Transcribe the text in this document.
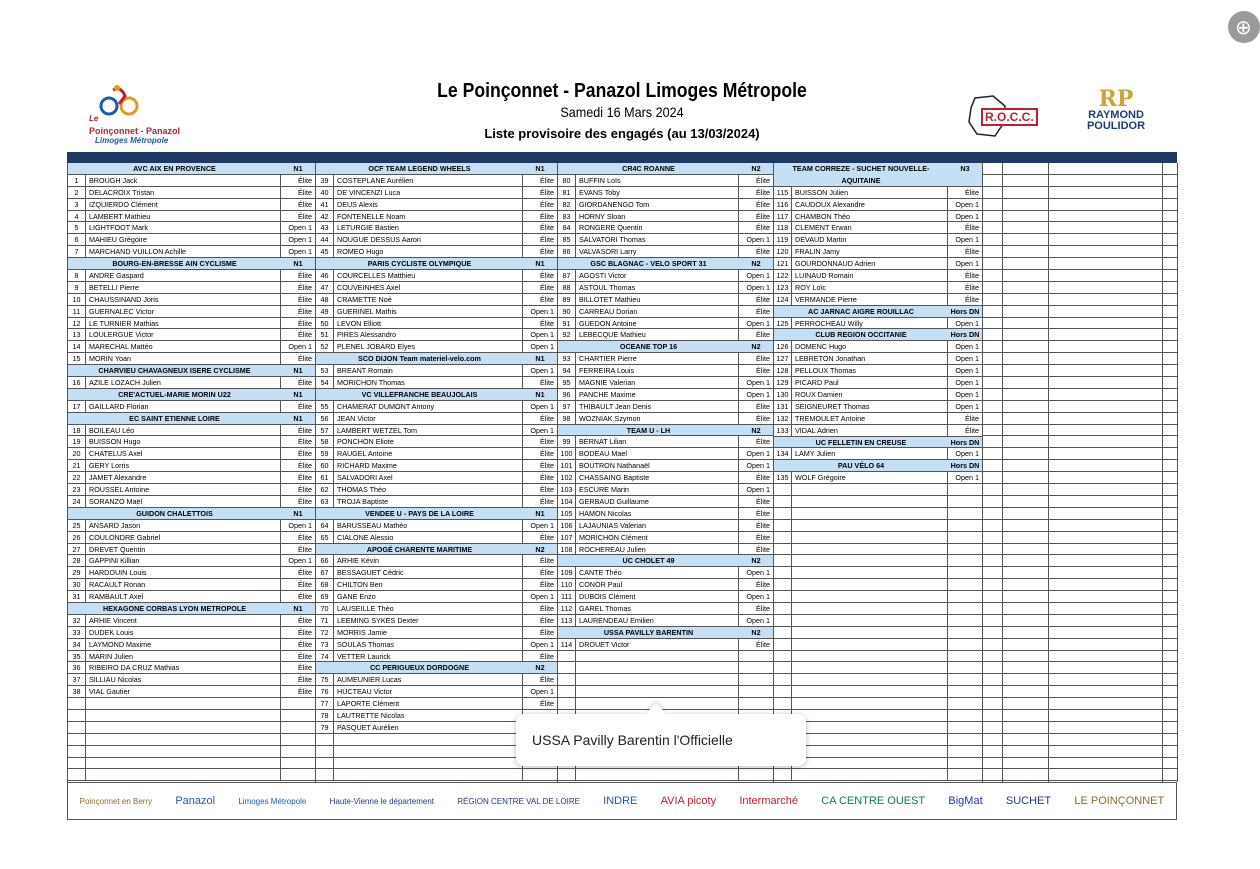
⊕
Le
Poinçonnet - Panazol
Limoges Métropole
Le Poinçonnet - Panazol Limoges Métropole
Samedi 16 Mars 2024
Liste provisoire des engagés (au 13/03/2024)
R.O.C.C.
RP
RAYMOND
POULIDOR
AVC AIX EN PROVENCE	N1
1	BROUGH Jack	Élite
2	DELACROIX Tristan	Élite
3	IZQUIERDO Clément	Élite
4	LAMBERT Mathieu	Élite
5	LIGHTFOOT Mark	Open 1
6	MAHIEU Grégoire	Open 1
7	MARCHAND VUILLON Achille	Open 1
BOURG-EN-BRESSE AIN CYCLISME	N1
8	ANDRE Gaspard	Élite
9	BETELLI Pierre	Élite
10	CHAUSSINAND Joris	Élite
11	GUERNALEC Victor	Élite
12	LE TURNIER Mathias	Élite
13	LOULERGUE Victor	Élite
14	MARECHAL Mattéo	Open 1
15	MORIN Yoan	Élite
CHARVIEU CHAVAGNEUX ISERE CYCLISME	N1
16	AZILE LOZACH Julien	Élite
CRE'ACTUEL-MARIE MORIN U22	N1
17	GAILLARD Florian	Élite
EC SAINT ETIENNE LOIRE	N1
18	BOILEAU Léo	Élite
19	BUISSON Hugo	Élite
20	CHATELUS Axel	Élite
21	GERY Lorris	Élite
22	JAMET Alexandre	Élite
23	ROUSSEL Antoine	Élite
24	SORANZO Maël	Élite
GUIDON CHALETTOIS	N1
25	ANSARD Jason	Open 1
26	COULONDRE Gabriel	Élite
27	DREVET Quentin	Élite
28	GAPPINI Killian	Open 1
29	HARDOUIN Louis	Élite
30	RACAULT Ronan	Élite
31	RAMBAULT Axel	Élite
HEXAGONE CORBAS LYON METROPOLE	N1
32	ARHIE Vincent	Élite
33	DUDEK Louis	Élite
34	LAYMOND Maxime	Élite
35	MARIN Julien	Élite
36	RIBEIRO DA CRUZ Mathias	Élite
37	SILLIAU Nicolas	Élite
38	VIAL Gautier	Élite
OCF TEAM LEGEND WHEELS	N1
39	COSTEPLANE Aurélien	Élite
40	DE VINCENZI Luca	Élite
41	DEUS Alexis	Élite
42	FONTENELLE Noam	Élite
43	LETURGIE Bastien	Élite
44	NOUGUE DESSUS Aaron	Élite
45	ROMEO Hugo	Élite
PARIS CYCLISTE OLYMPIQUE	N1
46	COURCELLES Matthieu	Élite
47	COUVEINHES Axel	Élite
48	CRAMETTE Noé	Élite
49	GUERINEL Mathis	Open 1
50	LEVON Elliott	Élite
51	PIRES Alessandro	Open 1
52	PLENEL JOBARD Elyes	Open 1
SCO DIJON Team materiel-velo.com	N1
53	BREANT Romain	Open 1
54	MORICHON Thomas	Élite
VC VILLEFRANCHE BEAUJOLAIS	N1
55	CHAMERAT DUMONT Antony	Open 1
56	JEAN Victor	Élite
57	LAMBERT WETZEL Tom	Open 1
58	PONCHON Eliote	Élite
59	RAUGEL Antoine	Élite
60	RICHARD Maxime	Élite
61	SALVADORI Axel	Élite
62	THOMAS Théo	Élite
63	TROJA Baptiste	Élite
VENDEE U - PAYS DE LA LOIRE	N1
64	BARUSSEAU Mathéo	Open 1
65	CIALONE Alessio	Élite
APOGÉ CHARENTE MARITIME	N2
66	ARHIE Kévin	Élite
67	BESSAGUET Cédric	Élite
68	CHILTON Ben	Élite
69	GANE Enzo	Open 1
70	LAUSEILLE Théo	Élite
71	LEEMING SYKES Dexter	Élite
72	MORRIS Jamie	Élite
73	SOULAS Thomas	Open 1
74	VETTER Laurick	Élite
CC PERIGUEUX DORDOGNE	N2
75	AUMEUNIER Lucas	Élite
76	HUCTEAU Victor	Open 1
77	LAPORTE Clément	Élite
78	LAUTRETTE Nicolas
79	PASQUET Aurélien
CR4C ROANNE	N2
80	BUFFIN Loïs	Élite
81	EVANS Toby	Élite
82	GIORDANENGO Tom	Élite
83	HORNY Sloan	Élite
84	RONGERE Quentin	Élite
85	SALVATORI Thomas	Open 1
86	VALVASORI Larry	Élite
GSC BLAGNAC - VELO SPORT 31	N2
87	AGOSTI Victor	Open 1
88	ASTOUL Thomas	Open 1
89	BILLOTET Mathieu	Élite
90	CARREAU Dorian	Élite
91	GUEDON Antoine	Open 1
92	LEBECQUE Mathieu	Élite
OCEANE TOP 16	N2
93	CHARTIER Pierre	Élite
94	FERREIRA Louis	Élite
95	MAGNIE Valerian	Open 1
96	PANCHE Maxime	Open 1
97	THIBAULT Jean Denis	Élite
98	WOZNIAK Szymon	Élite
TEAM U - LH	N2
99	BERNAT Lilian	Élite
100 BODEAU Mael	Open 1
101 BOUTRON Nathanaël	Open 1
102 CHASSAING Baptiste	Élite
103 ESCURE Marin	Open 1
104 GERBAUD Guillaume	Élite
105 HAMON Nicolas	Élite
106 LAJAUNIAS Valerian	Élite
107 MORICHON Clément	Élite
108 ROCHEREAU Julien	Élite
UC CHOLET 49	N2
109 CANTE Théo	Open 1
110 CONOR Paul	Élite
111 DUBOIS Clément	Open 1
112 GAREL Thomas	Élite
113 LAURENDEAU Emilien	Open 1
USSA PAVILLY BARENTIN	N2
114 DROUET Victor	Élite
TEAM CORREZE - SUCHET NOUVELLE-AQUITAINE
N3
115 BUISSON Julien	Élite
116 CAUDOUX Alexandre	Open 1
117 CHAMBON Théo	Open 1
118 CLEMENT Erwan	Élite
119 DEVAUD Martin	Open 1
120 FRALIN Jamy	Élite
121 GOURDONNAUD Adrien	Open 1
122 LUINAUD Romain	Élite
123 ROY Loïc	Élite
124 VERMANDE Pierre	Élite
AC JARNAC AIGRE ROUILLAC	Hors DN
125 PERROCHEAU Willy	Open 1
CLUB REGION OCCITANIE	Hors DN
126 DOMENC Hugo	Open 1
127 LEBRETON Jonathan	Open 1
128 PELLOUX Thomas	Open 1
129 PICARD Paul	Open 1
130 ROUX Damien	Open 1
131 SEIGNEURET Thomas	Open 1
132 TREMOULET Antoine	Élite
133 VIDAL Adrien	Élite
UC FELLETIN EN CREUSE	Hors DN
134 LAMY Julien	Open 1
PAU VÉLO 64	Hors DN
135 WOLF Grégoire	Open 1
Poinçonnet en Berry Panazol	Limoges Métropole	Haute-Vienne le département	RÉGION CENTRE VAL DE LOIRE INDRE AVIA picoty Intermarché CA CENTRE OUEST BigMat SUCHET LE POINÇONNET
USSA Pavilly Barentin l'Officielle
